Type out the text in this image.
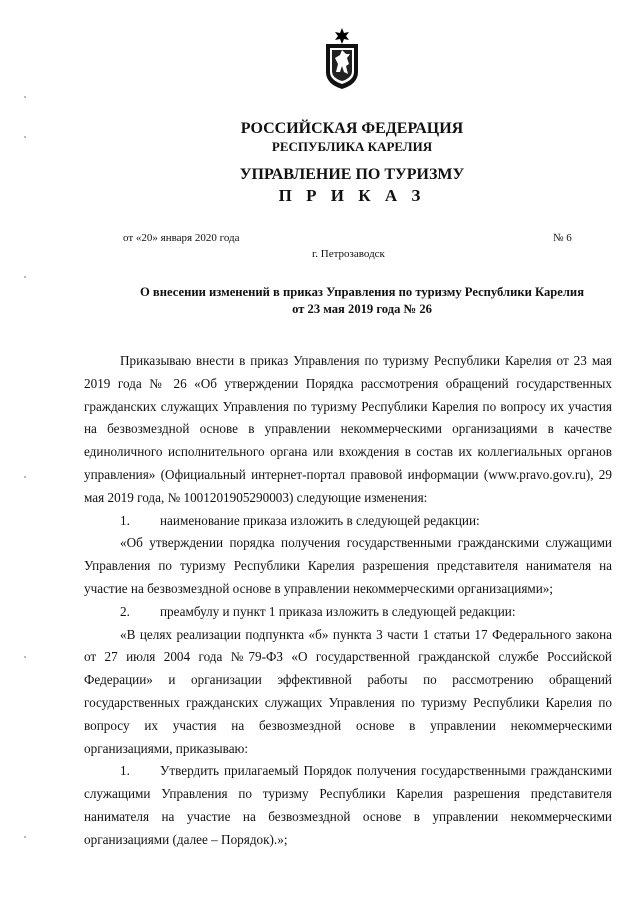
РОССИЙСКАЯ ФЕДЕРАЦИЯ
РЕСПУБЛИКА КАРЕЛИЯ
УПРАВЛЕНИЕ ПО ТУРИЗМУ
П Р И К А З
от «20» января 2020 года	№ 6
г. Петрозаводск
О внесении изменений в приказ Управления по туризму Республики Карелия
от 23 мая 2019 года № 26

Приказываю внести в приказ Управления по туризму Республики Карелия от 23 мая 2019 года № 26 «Об утверждении Порядка рассмотрения обращений государственных гражданских служащих Управления по туризму Республики Карелия по вопросу их участия на безвозмездной основе в управлении некоммерческими организациями в качестве единоличного исполнительного органа или вхождения в состав их коллегиальных органов управления» (Официальный интернет-портал правовой информации (www.pravo.gov.ru), 29 мая 2019 года, № 1001201905290003) следующие изменения:

1.	наименование приказа изложить в следующей редакции:

«Об утверждении порядка получения государственными гражданскими служащими Управления по туризму Республики Карелия разрешения представителя нанимателя на участие на безвозмездной основе в управлении некоммерческими организациями»;

2.	преамбулу и пункт 1 приказа изложить в следующей редакции:

«В целях реализации подпункта «б» пункта 3 части 1 статьи 17 Федерального закона от 27 июля 2004 года №79-ФЗ «О государственной гражданской службе Российской Федерации» и организации эффективной работы по рассмотрению обращений государственных гражданских служащих Управления по туризму Республики Карелия по вопросу их участия на безвозмездной основе в управлении некоммерческими организациями, приказываю:

1. Утвердить прилагаемый Порядок получения государственными гражданскими служащими Управления по туризму Республики Карелия разрешения представителя нанимателя на участие на безвозмездной основе в управлении некоммерческими организациями (далее – Порядок).»;
